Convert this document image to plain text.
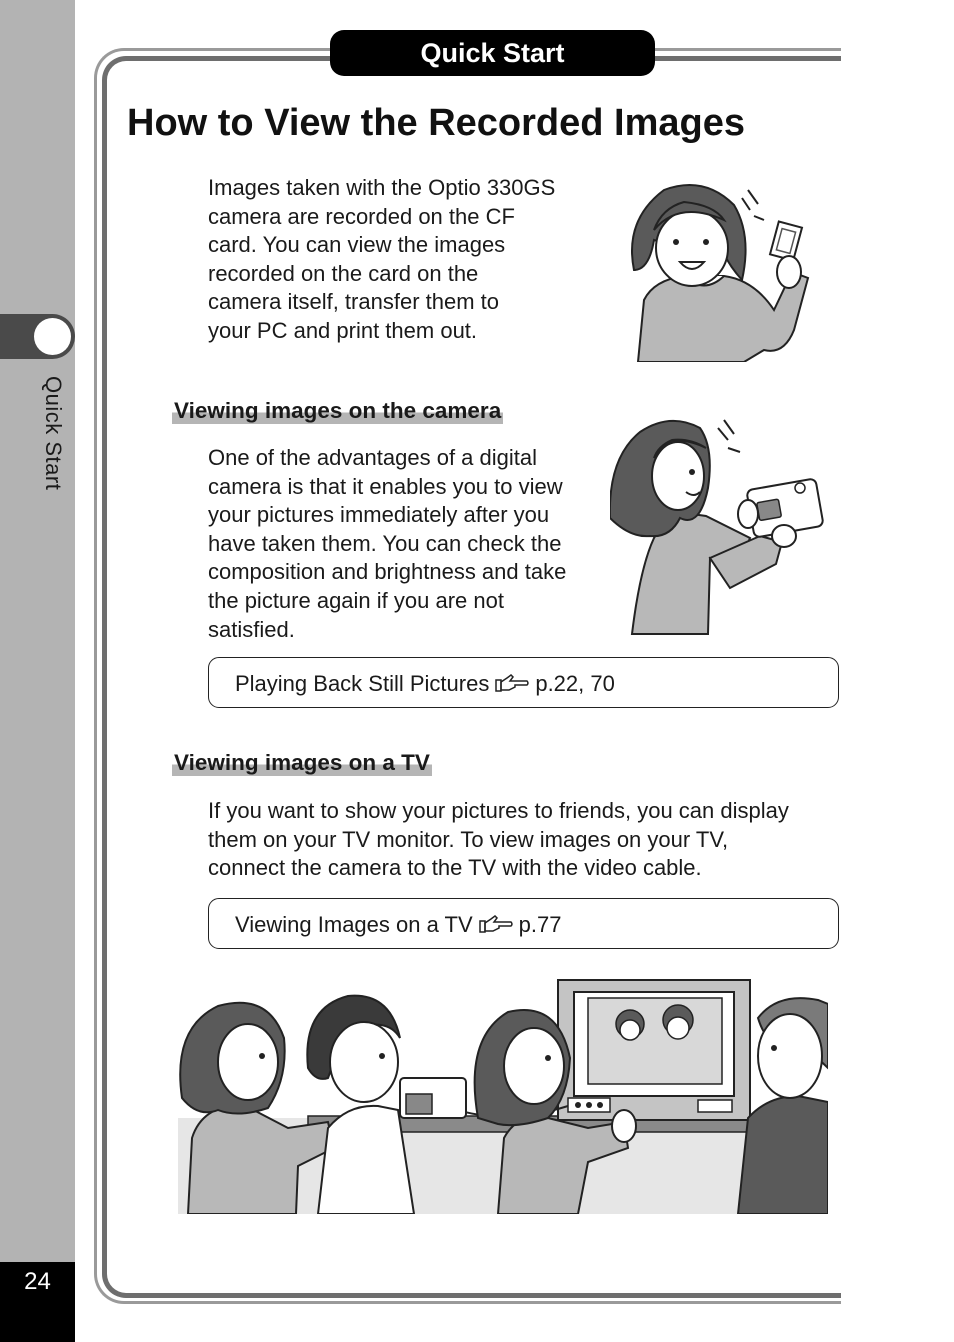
Quick Start
24
Quick Start
How to View the Recorded Images

Images taken with the Optio 330GS
camera are recorded on the CF
card. You can view the images
recorded on the card on the
camera itself, transfer them to
your PC and print them out.

Viewing images on the camera

One of the advantages of a digital
camera is that it enables you to view
your pictures immediately after you
have taken them. You can check the
composition and brightness and take
the picture again if you are not
satisfied.

Playing Back Still Pictures p.22, 70
Viewing images on a TV

If you want to show your pictures to friends, you can display
them on your TV monitor. To view images on your TV,
connect the camera to the TV with the video cable.

Viewing Images on a TV p.77
